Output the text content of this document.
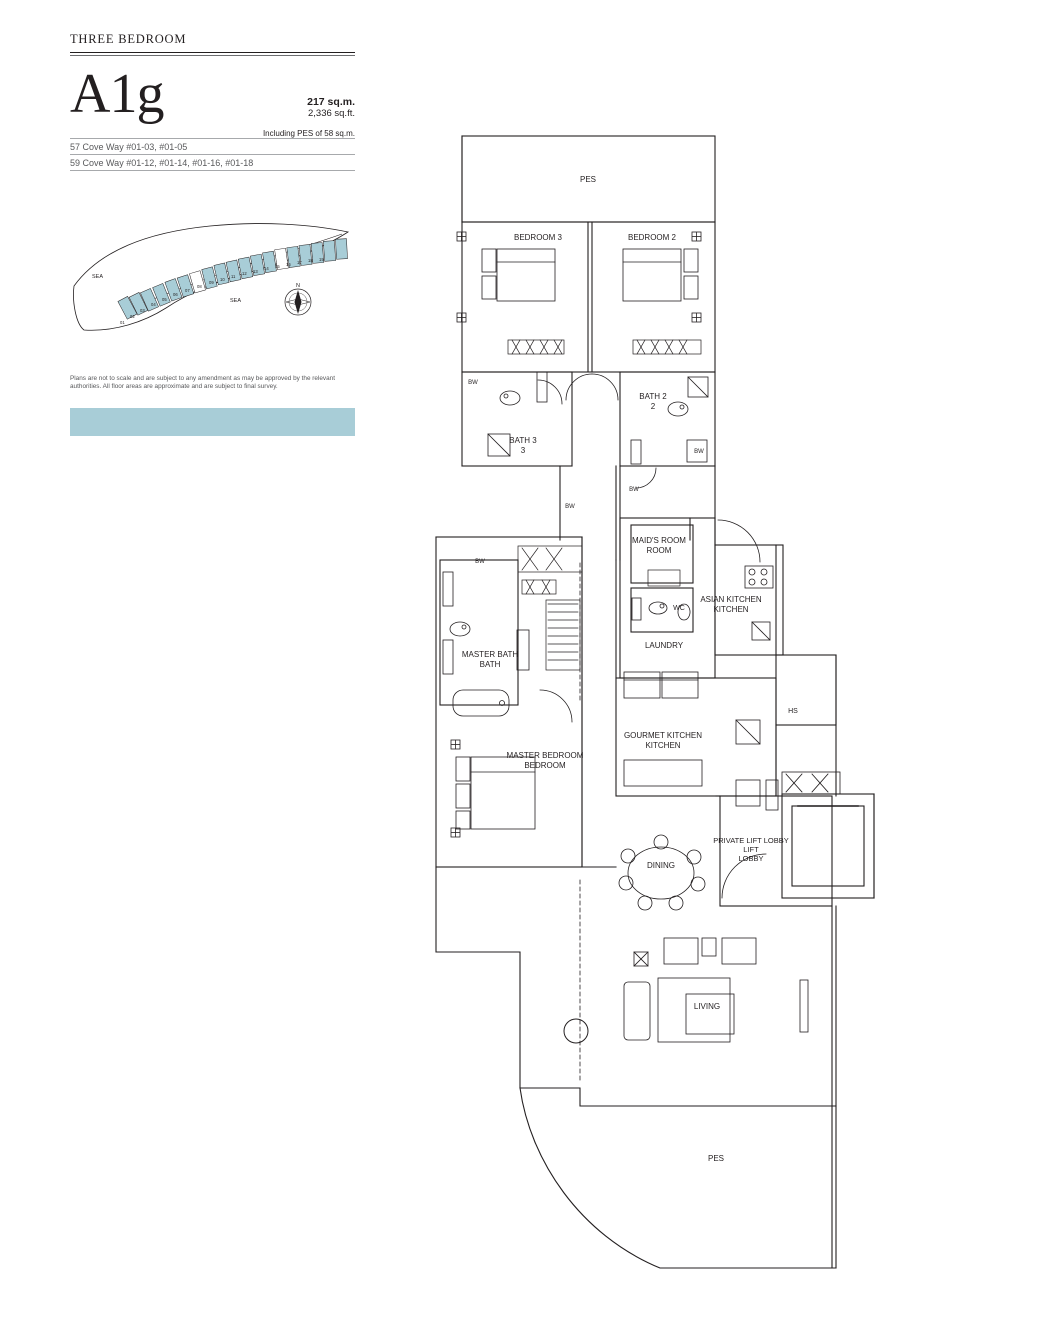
THREE BEDROOM
A1g	217 sq.m.
2,336 sq.ft.
Including PES of 58 sq.m.
57 Cove Way #01-03, #01-05
59 Cove Way #01-12, #01-14, #01-16, #01-18
01
02
03
04
05
06
07
08
09
10
11
12 13
14 15 16 17 18 19
SEA
SEA
N
Plans are not to scale and are subject to any amendment as may be approved by the relevant authorities. All floor areas are approximate and are subject to final survey.
PES
BEDROOM 3	BEDROOM 2
BW
BATH 2
2
BATH 3
3	BW
BW
BW
MAID'S ROOM
ROOM
BW
WC
ASIAN KITCHEN
KITCHEN
LAUNDRY
MASTER BATH
BATH
GOURMET KITCHEN
KITCHEN
HS
MASTER BEDROOM
BEDROOM
DINING
PRIVATE LIFT LOBBY
LIFT
LOBBY
LIVING
PES
